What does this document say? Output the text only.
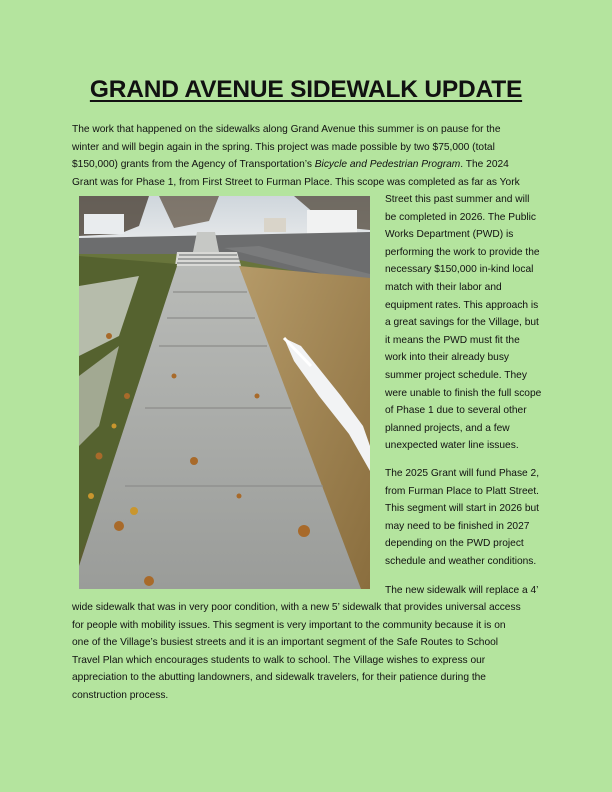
GRAND AVENUE SIDEWALK UPDATE

The work that happened on the sidewalks along Grand Avenue this summer is on pause for the
winter and will begin again in the spring. This project was made possible by two $75,000 (total
$150,000) grants from the Agency of Transportation’s Bicycle and Pedestrian Program. The 2024
Grant was for Phase 1, from First Street to Furman Place. This scope was completed as far as York

Street this past summer and will
be completed in 2026. The Public
Works Department (PWD) is
performing the work to provide the
necessary $150,000 in-kind local
match with their labor and
equipment rates. This approach is
a great savings for the Village, but
it means the PWD must fit the
work into their already busy
summer project schedule. They
were unable to finish the full scope
of Phase 1 due to several other
planned projects, and a few
unexpected water line issues.

The 2025 Grant will fund Phase 2,
from Furman Place to Platt Street.
This segment will start in 2026 but
may need to be finished in 2027
depending on the PWD project
schedule and weather conditions.

The new sidewalk will replace a 4’

wide sidewalk that was in very poor condition, with a new 5’ sidewalk that provides universal access
for people with mobility issues. This segment is very important to the community because it is on
one of the Village’s busiest streets and it is an important segment of the Safe Routes to School
Travel Plan which encourages students to walk to school. The Village wishes to express our
appreciation to the abutting landowners, and sidewalk travelers, for their patience during the
construction process.
